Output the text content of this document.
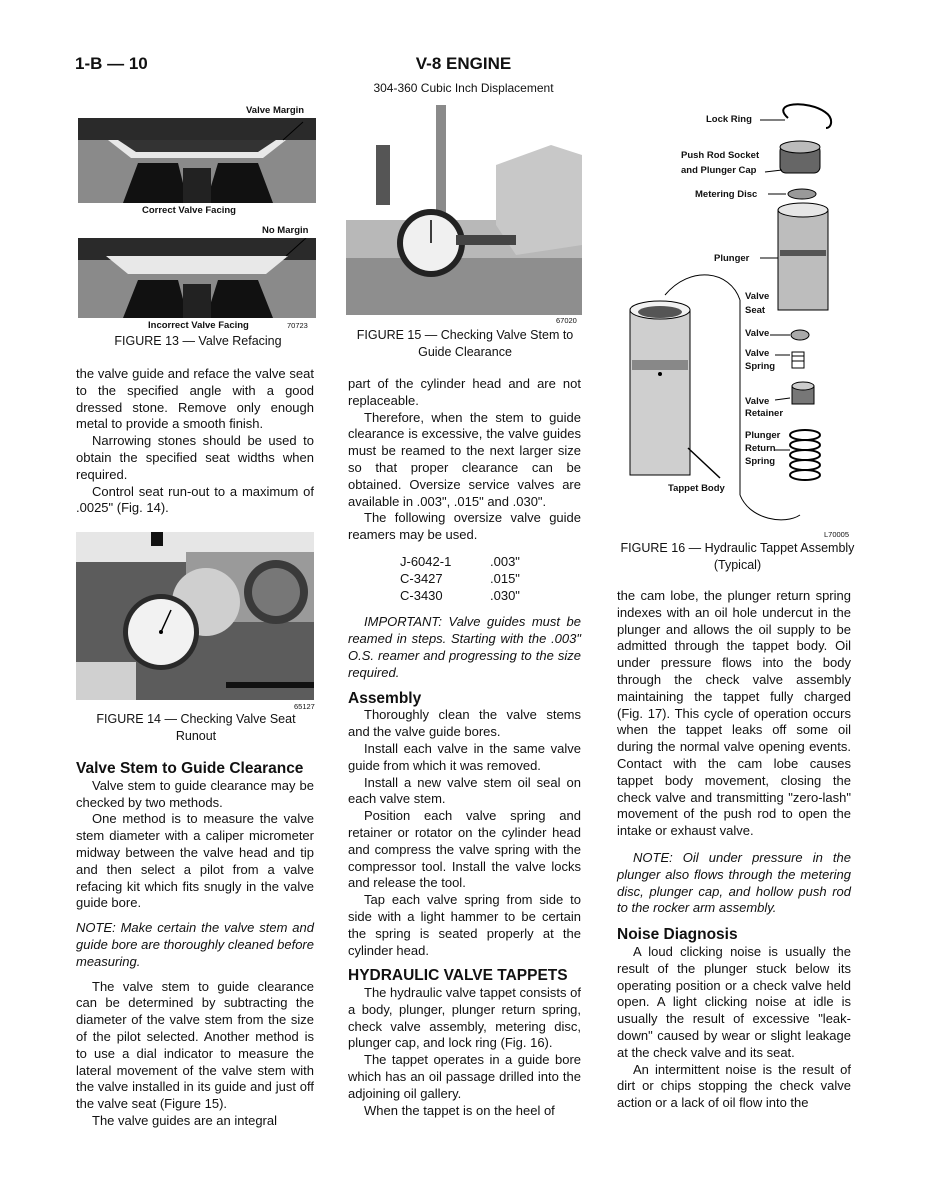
1-B — 10	V-8 ENGINE
304-360 Cubic Inch Displacement
Valve Margin
Correct Valve Facing
No Margin
Incorrect Valve Facing	70723
FIGURE 13 — Valve Refacing

the valve guide and reface the valve seat to the specified angle with a good dressed stone. Remove only enough metal to provide a smooth finish.

Narrowing stones should be used to obtain the specified seat widths when required.

Control seat run-out to a maximum of .0025" (Fig. 14).

65127
FIGURE 14 — Checking Valve Seat Runout

Valve Stem to Guide Clearance

Valve stem to guide clearance may be checked by two methods.

One method is to measure the valve stem diameter with a caliper micrometer midway between the valve head and tip and then select a pilot from a valve refacing kit which fits snugly in the valve guide bore.

NOTE: Make certain the valve stem and guide bore are thoroughly cleaned before measuring.

The valve stem to guide clearance can be determined by subtracting the diameter of the valve stem from the size of the pilot selected. Another method is to use a dial indicator to measure the lateral movement of the valve stem with the valve installed in its guide and just off the valve seat (Figure 15).

The valve guides are an integral

67020
FIGURE 15 — Checking Valve Stem to Guide Clearance

part of the cylinder head and are not replaceable.

Therefore, when the stem to guide clearance is excessive, the valve guides must be reamed to the next larger size so that proper clearance can be obtained. Oversize service valves are available in .003", .015" and .030".

The following oversize valve guide reamers may be used.

J-6042-1	.003"
C-3427	.015"
C-3430	.030"

IMPORTANT: Valve guides must be reamed in steps. Starting with the .003" O.S. reamer and progressing to the size required.

Assembly

Thoroughly clean the valve stems and the valve guide bores.

Install each valve in the same valve guide from which it was removed.

Install a new valve stem oil seal on each valve stem.

Position each valve spring and retainer or rotator on the cylinder head and compress the valve spring with the compressor tool. Install the valve locks and release the tool.

Tap each valve spring from side to side with a light hammer to be certain the spring is seated properly at the cylinder head.

HYDRAULIC VALVE TAPPETS

The hydraulic valve tappet consists of a body, plunger, plunger return spring, check valve assembly, metering disc, plunger cap, and lock ring (Fig. 16).

The tappet operates in a guide bore which has an oil passage drilled into the adjoining oil gallery.

When the tappet is on the heel of

Lock Ring
Push Rod Socket
and Plunger Cap
Metering Disc
Plunger
Valve
Seat
Valve
Valve
Spring
Valve
Retainer
Plunger
Return
Spring
Tappet Body
L70005
FIGURE 16 — Hydraulic Tappet Assembly (Typical)

the cam lobe, the plunger return spring indexes with an oil hole undercut in the plunger and allows the oil supply to be admitted through the tappet body. Oil under pressure flows into the body through the check valve assembly maintaining the tappet fully charged (Fig. 17). This cycle of operation occurs when the tappet leaks off some oil during the normal valve opening events. Contact with the cam lobe causes tappet body movement, closing the check valve and transmitting "zero-lash" movement of the push rod to open the intake or exhaust valve.

NOTE: Oil under pressure in the plunger also flows through the metering disc, plunger cap, and hollow push rod to the rocker arm assembly.

Noise Diagnosis

A loud clicking noise is usually the result of the plunger stuck below its operating position or a check valve held open. A light clicking noise at idle is usually the result of excessive "leak-down" caused by wear or slight leakage at the check valve and its seat.

An intermittent noise is the result of dirt or chips stopping the check valve action or a lack of oil flow into the
